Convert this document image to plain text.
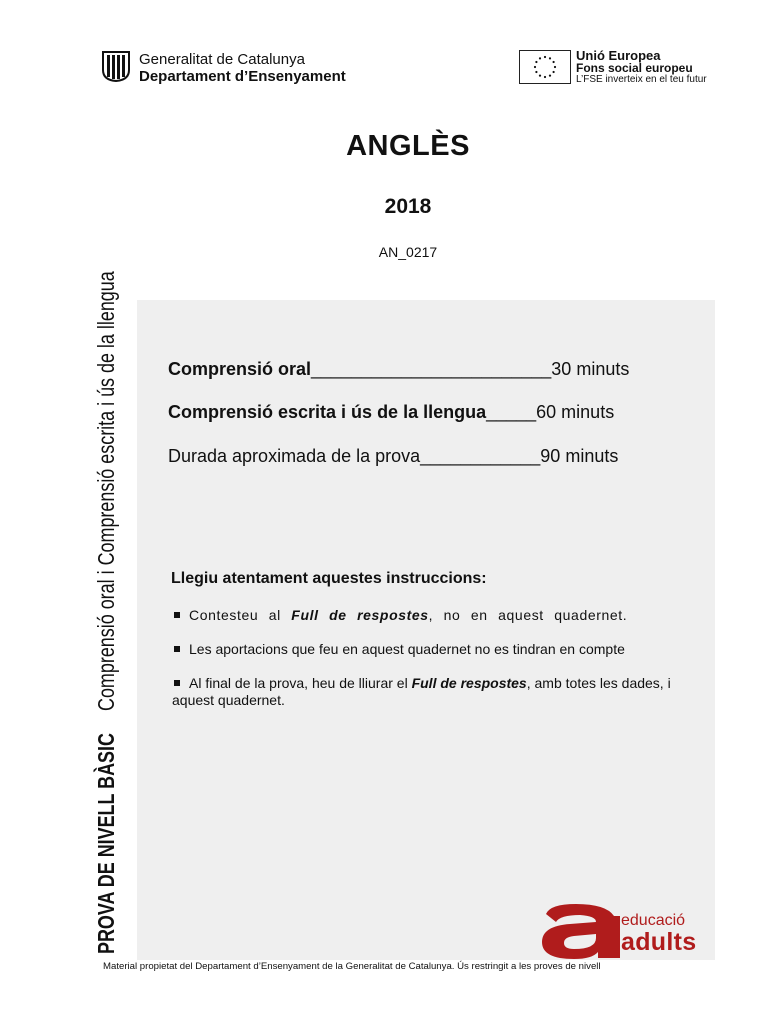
Generalitat de Catalunya
Departament d’Ensenyament
Unió Europea
Fons social europeu
L’FSE inverteix en el teu futur
ANGLÈS
2018
AN_0217
PROVA DE NIVELL BÀSIC
Comprensió oral i Comprensió escrita i ús de la llengua	Comprensió oral________________________30 minuts
Comprensió escrita i ús de la llengua_____60 minuts
Durada aproximada de la prova____________90 minuts
Llegiu atentament aquestes instruccions:
Contesteu al Full de respostes, no en aquest quadernet.
Les aportacions que feu en aquest quadernet no es tindran en compte
Al final de la prova, heu de lliurar el Full de respostes, amb totes les dades, i aquest quadernet.
educació
adults
Material propietat del Departament d’Ensenyament de la Generalitat de Catalunya. Ús restringit a les proves de nivell
